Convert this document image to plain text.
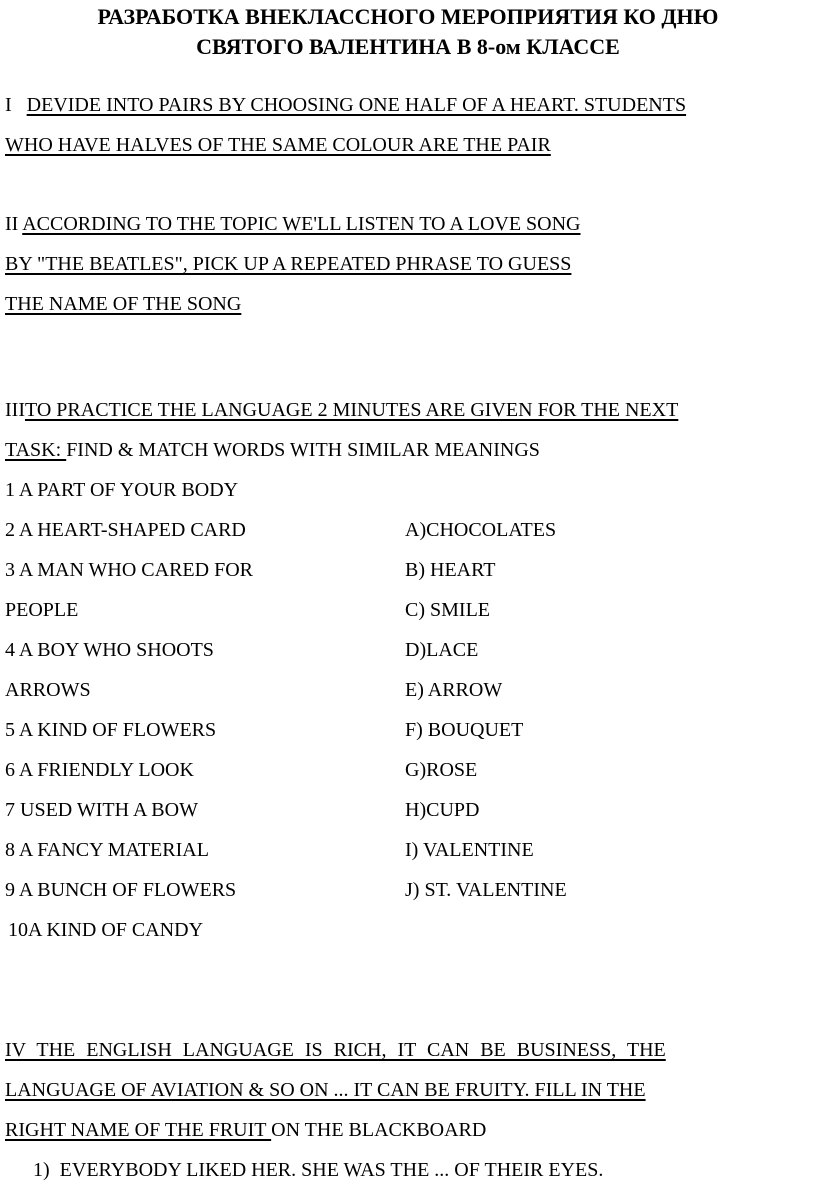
РАЗРАБОТКА ВНЕКЛАССНОГО МЕРОПРИЯТИЯ КО ДНЮ
СВЯТОГО ВАЛЕНТИНА В 8-ом КЛАССЕ
I DEVIDE INTO PAIRS BY CHOOSING ONE HALF OF A HEART. STUDENTS
WHO HAVE HALVES OF THE SAME COLOUR ARE THE PAIR
II ACCORDING TO THE TOPIC WE'LL LISTEN TO A LOVE SONG
BY "THE BEATLES", PICK UP A REPEATED PHRASE TO GUESS
THE NAME OF THE SONG
IIITO PRACTICE THE LANGUAGE 2 MINUTES ARE GIVEN FOR THE NEXT
TASK: FIND & MATCH WORDS WITH SIMILAR MEANINGS
1 A PART OF YOUR BODY
2 A HEART-SHAPED CARD
3 A MAN WHO CARED FOR
PEOPLE
4 A BOY WHO SHOOTS
ARROWS
5 A KIND OF FLOWERS
6 A FRIENDLY LOOK
7 USED WITH A BOW
8 A FANCY MATERIAL
9 A BUNCH OF FLOWERS
10A KIND OF CANDY
A)CHOCOLATES
B) HEART
C) SMILE
D)LACE
E) ARROW
F) BOUQUET
G)ROSE
H)CUPD
I) VALENTINE
J) ST. VALENTINE
IV THE ENGLISH LANGUAGE IS RICH, IT CAN BE BUSINESS, THE
LANGUAGE OF AVIATION & SO ON ... IT CAN BE FRUITY. FILL IN THE
RIGHT NAME OF THE FRUIT ON THE BLACKBOARD
1) EVERYBODY LIKED HER. SHE WAS THE ... OF THEIR EYES.
